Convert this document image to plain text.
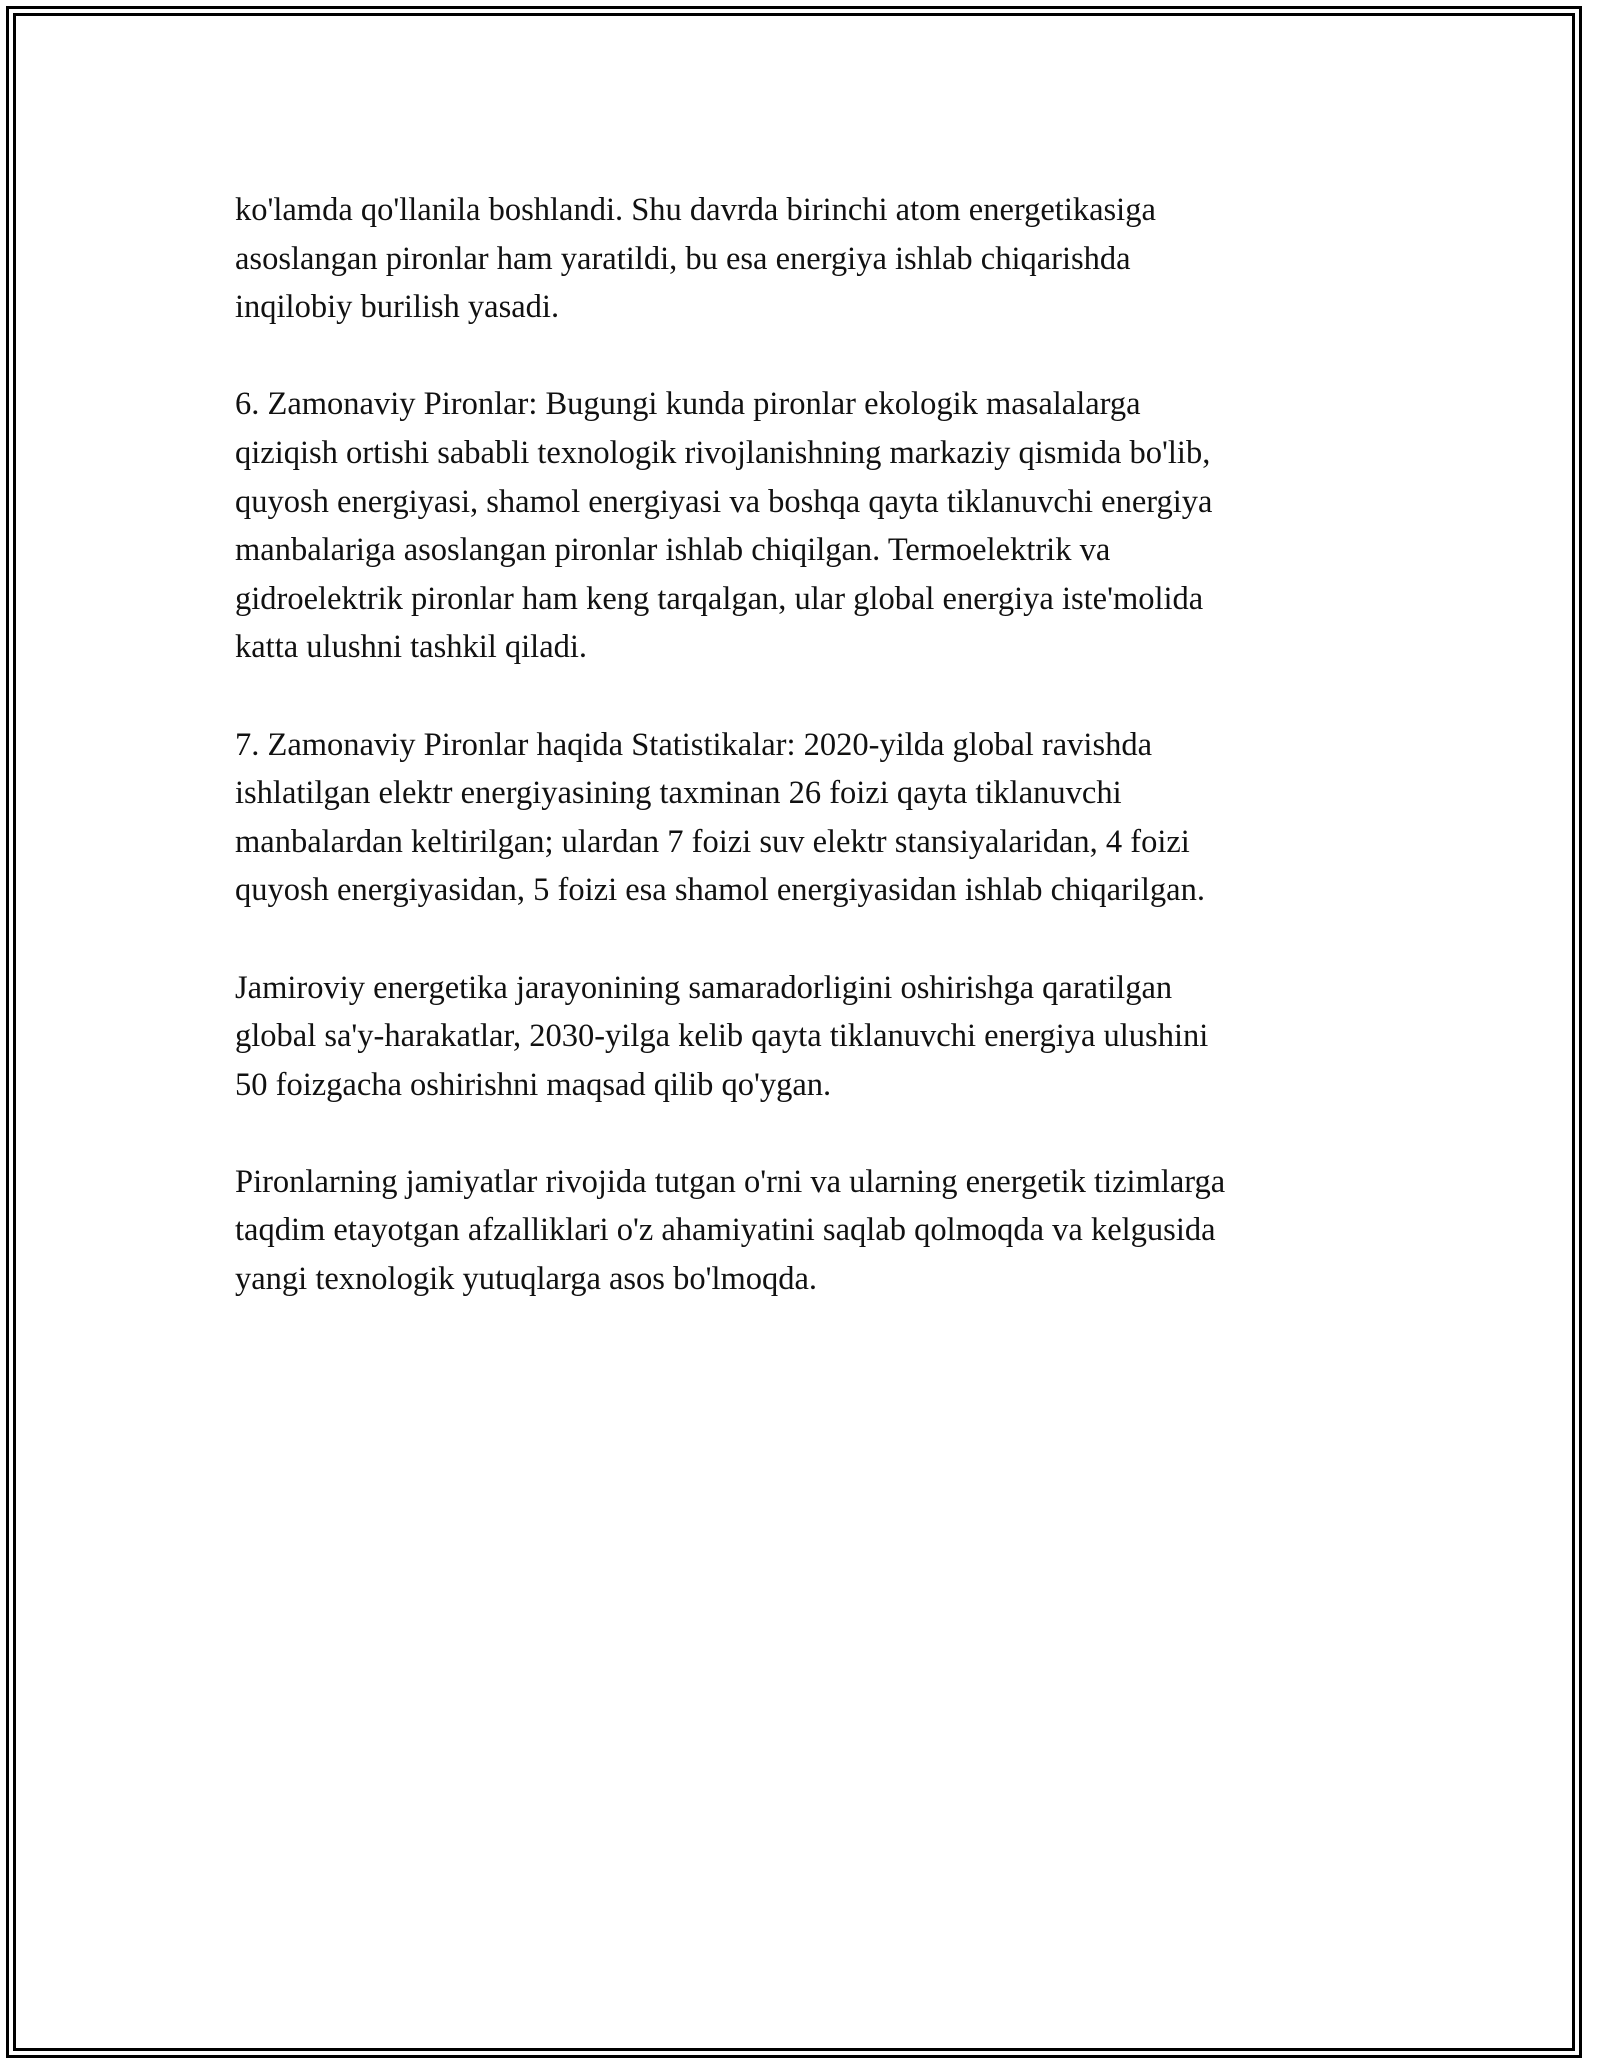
ko'lamda qo'llanila boshlandi. Shu davrda birinchi atom energetikasiga
asoslangan pironlar ham yaratildi, bu esa energiya ishlab chiqarishda
inqilobiy burilish yasadi.

6. Zamonaviy Pironlar: Bugungi kunda pironlar ekologik masalalarga
qiziqish ortishi sababli texnologik rivojlanishning markaziy qismida bo'lib,
quyosh energiyasi, shamol energiyasi va boshqa qayta tiklanuvchi energiya
manbalariga asoslangan pironlar ishlab chiqilgan. Termoelektrik va
gidroelektrik pironlar ham keng tarqalgan, ular global energiya iste'molida
katta ulushni tashkil qiladi.

7. Zamonaviy Pironlar haqida Statistikalar: 2020-yilda global ravishda
ishlatilgan elektr energiyasining taxminan 26 foizi qayta tiklanuvchi
manbalardan keltirilgan; ulardan 7 foizi suv elektr stansiyalaridan, 4 foizi
quyosh energiyasidan, 5 foizi esa shamol energiyasidan ishlab chiqarilgan.

Jamiroviy energetika jarayonining samaradorligini oshirishga qaratilgan
global sa'y-harakatlar, 2030-yilga kelib qayta tiklanuvchi energiya ulushini
50 foizgacha oshirishni maqsad qilib qo'ygan.

Pironlarning jamiyatlar rivojida tutgan o'rni va ularning energetik tizimlarga
taqdim etayotgan afzalliklari o'z ahamiyatini saqlab qolmoqda va kelgusida
yangi texnologik yutuqlarga asos bo'lmoqda.
